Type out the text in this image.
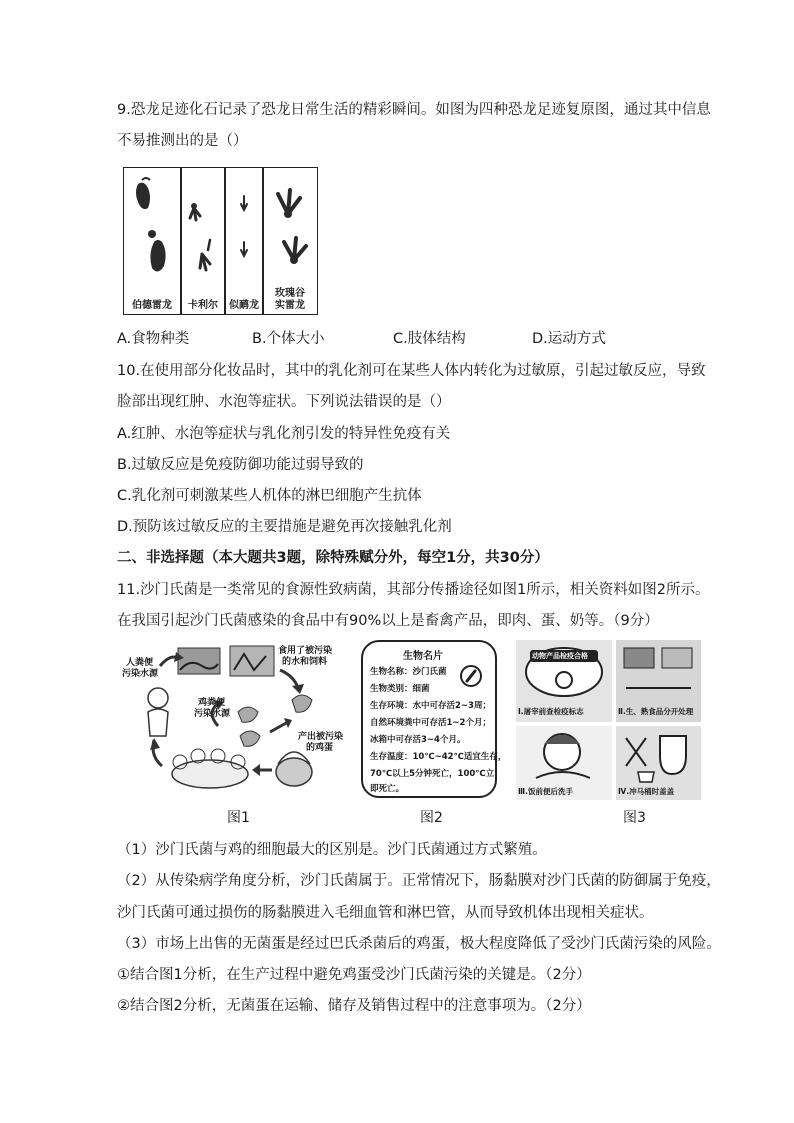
9.恐龙足迹化石记录了恐龙日常生活的精彩瞬间。如图为四种恐龙足迹复原图，通过其中信息
不易推测出的是（）
伯德雷龙	卡利尔	似鸸龙
玫瑰谷
实雷龙
A.食物种类	B.个体大小	C.肢体结构	D.运动方式
10.在使用部分化妆品时，其中的乳化剂可在某些人体内转化为过敏原，引起过敏反应，导致
脸部出现红肿、水泡等症状。下列说法错误的是（）
A.红肿、水泡等症状与乳化剂引发的特异性免疫有关
B.过敏反应是免疫防御功能过弱导致的
C.乳化剂可刺激某些人机体的淋巴细胞产生抗体
D.预防该过敏反应的主要措施是避免再次接触乳化剂
二、非选择题（本大题共3题，除特殊赋分外，每空1分，共30分）
11.沙门氏菌是一类常见的食源性致病菌，其部分传播途径如图1所示，相关资料如图2所示。
在我国引起沙门氏菌感染的食品中有90%以上是畜禽产品，即肉、蛋、奶等。（9分）
人粪便
污染水源
食用了被污染
的水和饲料
鸡粪便
污染水源
产出被污染
的鸡蛋
生物名片
生物名称：沙门氏菌
生物类别：细菌
生存环境：水中可存活2~3周；
自然环境粪中可存活1~2个月；
冰箱中可存活3~4个月。
生存温度：10℃~42℃适宜生存，
70℃以上5分钟死亡，100℃立
即死亡。
动物产品检疫合格
Ⅰ.屠宰前查检疫标志	Ⅱ.生、熟食品分开处理
Ⅲ.饭前便后洗手	Ⅳ.冲马桶时盖盖
图1	图2	图3
（1）沙门氏菌与鸡的细胞最大的区别是。沙门氏菌通过方式繁殖。
（2）从传染病学角度分析，沙门氏菌属于。正常情况下，肠黏膜对沙门氏菌的防御属于免疫，
沙门氏菌可通过损伤的肠黏膜进入毛细血管和淋巴管，从而导致机体出现相关症状。
（3）市场上出售的无菌蛋是经过巴氏杀菌后的鸡蛋，极大程度降低了受沙门氏菌污染的风险。
①结合图1分析，在生产过程中避免鸡蛋受沙门氏菌污染的关键是。（2分）
②结合图2分析，无菌蛋在运输、储存及销售过程中的注意事项为。（2分）
